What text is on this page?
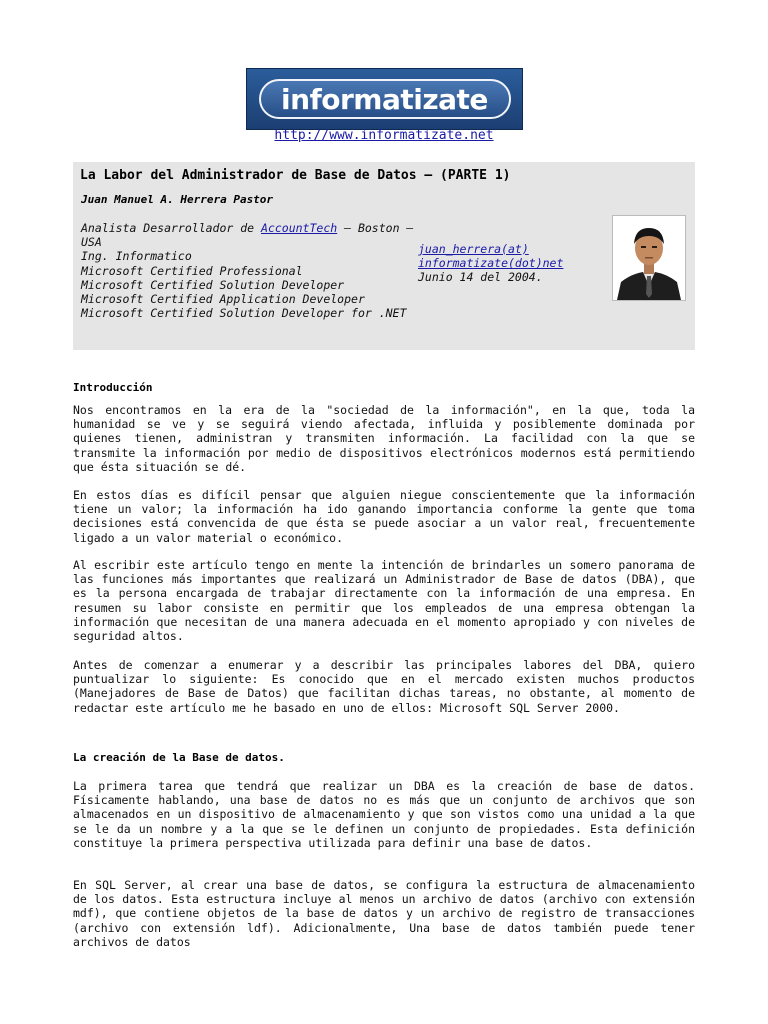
informatizate
http://www.informatizate.net
La Labor del Administrador de Base de Datos – (PARTE 1)
Juan Manuel A. Herrera Pastor
Analista Desarrollador de AccountTech – Boston – USA
Ing. Informatico
Microsoft Certified Professional
Microsoft Certified Solution Developer
Microsoft Certified Application Developer
Microsoft Certified Solution Developer for .NET
juan_herrera(at)
informatizate(dot)net
Junio 14 del 2004.
Introducción
Nos encontramos en la era de la "sociedad de la información", en la que, toda la humanidad se ve y se seguirá viendo afectada, influida y posiblemente dominada por quienes tienen, administran y transmiten información. La facilidad con la que se transmite la información por medio de dispositivos electrónicos modernos está permitiendo que ésta situación se dé.
En estos días es difícil pensar que alguien niegue conscientemente que la información tiene un valor; la información ha ido ganando importancia conforme la gente que toma decisiones está convencida de que ésta se puede asociar a un valor real, frecuentemente ligado a un valor material o económico.
Al escribir este artículo tengo en mente la intención de brindarles un somero panorama de las funciones más importantes que realizará un Administrador de Base de datos (DBA), que es la persona encargada de trabajar directamente con la información de una empresa. En resumen su labor consiste en permitir que los empleados de una empresa obtengan la información que necesitan de una manera adecuada en el momento apropiado y con niveles de seguridad altos.
Antes de comenzar a enumerar y a describir las principales labores del DBA, quiero puntualizar lo siguiente: Es conocido que en el mercado existen muchos productos (Manejadores de Base de Datos) que facilitan dichas tareas, no obstante, al momento de redactar este artículo me he basado en uno de ellos: Microsoft SQL Server 2000.
La creación de la Base de datos.
La primera tarea que tendrá que realizar un DBA es la creación de base de datos. Físicamente hablando, una base de datos no es más que un conjunto de archivos que son almacenados en un dispositivo de almacenamiento y que son vistos como una unidad a la que se le da un nombre y a la que se le definen un conjunto de propiedades. Esta definición constituye la primera perspectiva utilizada para definir una base de datos.
En SQL Server, al crear una base de datos, se configura la estructura de almacenamiento de los datos. Esta estructura incluye al menos un archivo de datos (archivo con extensión mdf), que contiene objetos de la base de datos y un archivo de registro de transacciones (archivo con extensión ldf). Adicionalmente, Una base de datos también puede tener archivos de datos
